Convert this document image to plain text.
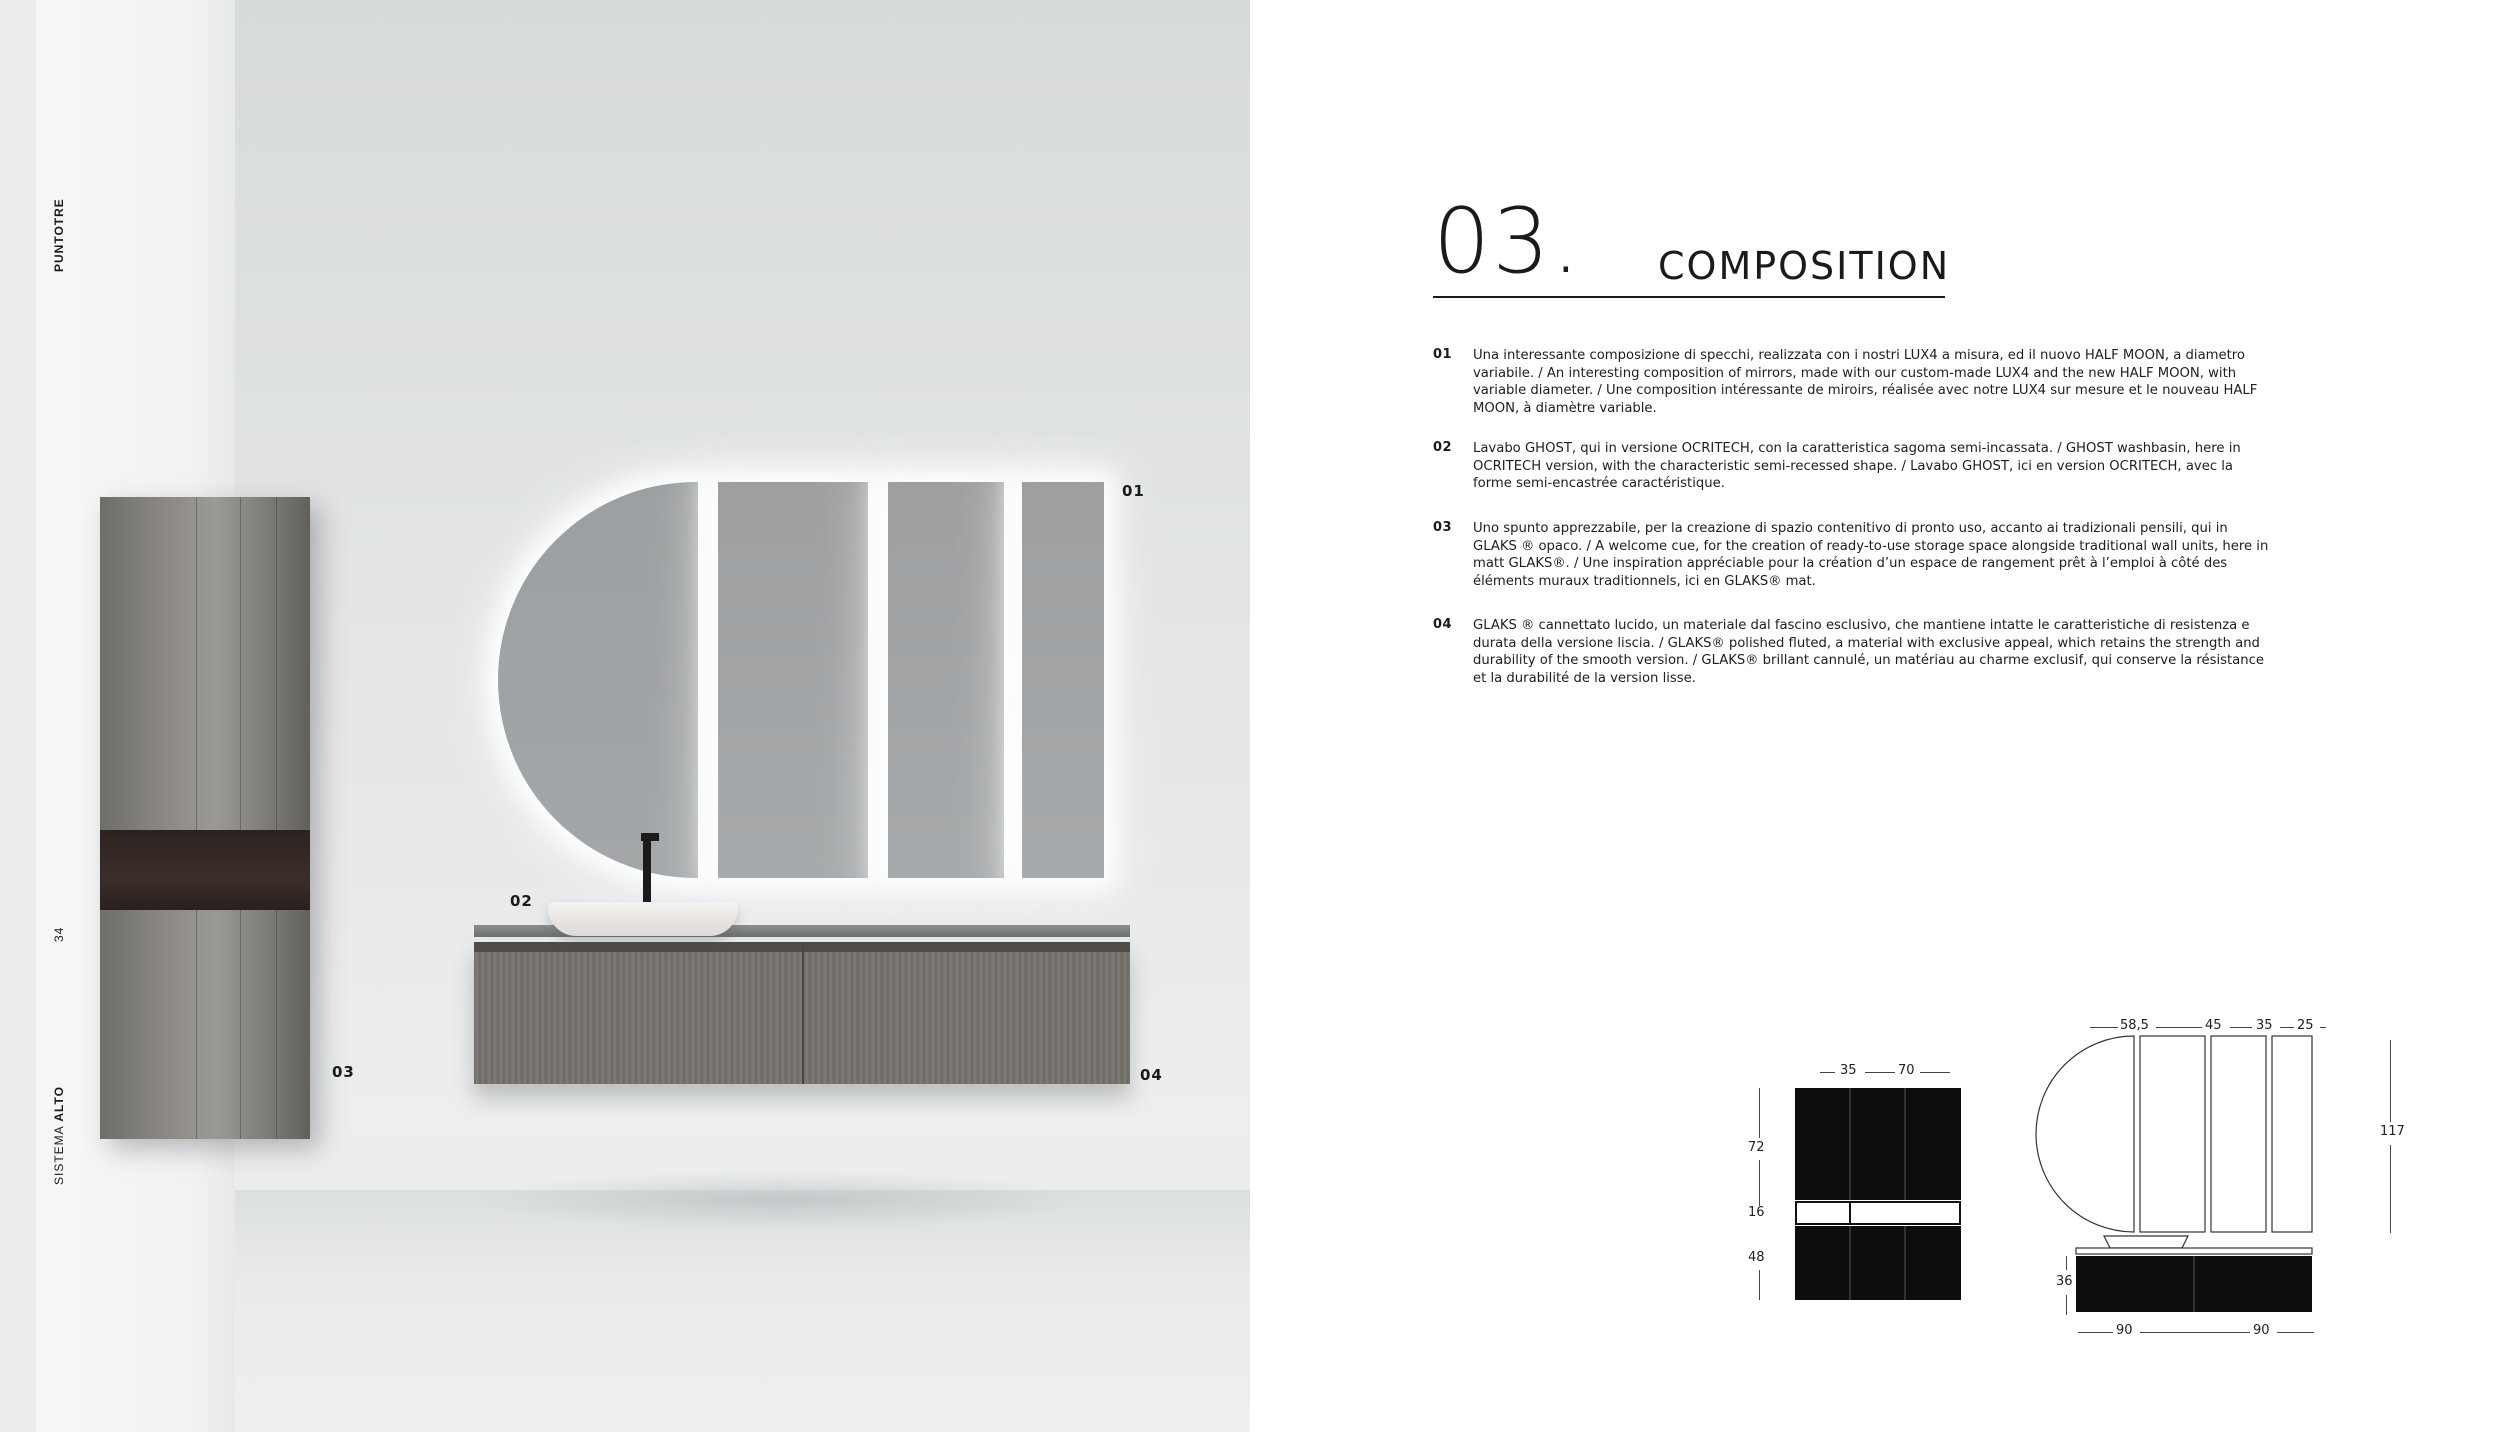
PUNTOTRE
34
SISTEMA ALTO
01
02
03	04
03. COMPOSITION
01 Una interessante composizione di specchi, realizzata con i nostri LUX4 a misura, ed il nuovo HALF MOON, a diametro variabile. / An interesting composition of mirrors, made with our custom-made LUX4 and the new HALF MOON, with variable diameter. / Une composition intéressante de miroirs, réalisée avec notre LUX4 sur mesure et le nouveau HALF MOON, à diamètre variable.
02 Lavabo GHOST, qui in versione OCRITECH, con la caratteristica sagoma semi-incassata. / GHOST washbasin, here in OCRITECH version, with the characteristic semi-recessed shape. / Lavabo GHOST, ici en version OCRITECH, avec la forme semi-encastrée caractéristique.
03 Uno spunto apprezzabile, per la creazione di spazio contenitivo di pronto uso, accanto ai tradizionali pensili, qui in GLAKS ® opaco. / A welcome cue, for the creation of ready-to-use storage space alongside traditional wall units, here in matt GLAKS®. / Une inspiration appréciable pour la création d’un espace de rangement prêt à l’emploi à côté des éléments muraux traditionnels, ici en GLAKS® mat.
04 GLAKS ® cannettato lucido, un materiale dal fascino esclusivo, che mantiene intatte le caratteristiche di resistenza e durata della versione liscia. / GLAKS® polished fluted, a material with exclusive appeal, which retains the strength and durability of the smooth version. / GLAKS® brillant cannulé, un matériau au charme exclusif, qui conserve la résistance et la durabilité de la version lisse.
35	70
72
16
48
58,5	45	35 25
117
36
90	90
